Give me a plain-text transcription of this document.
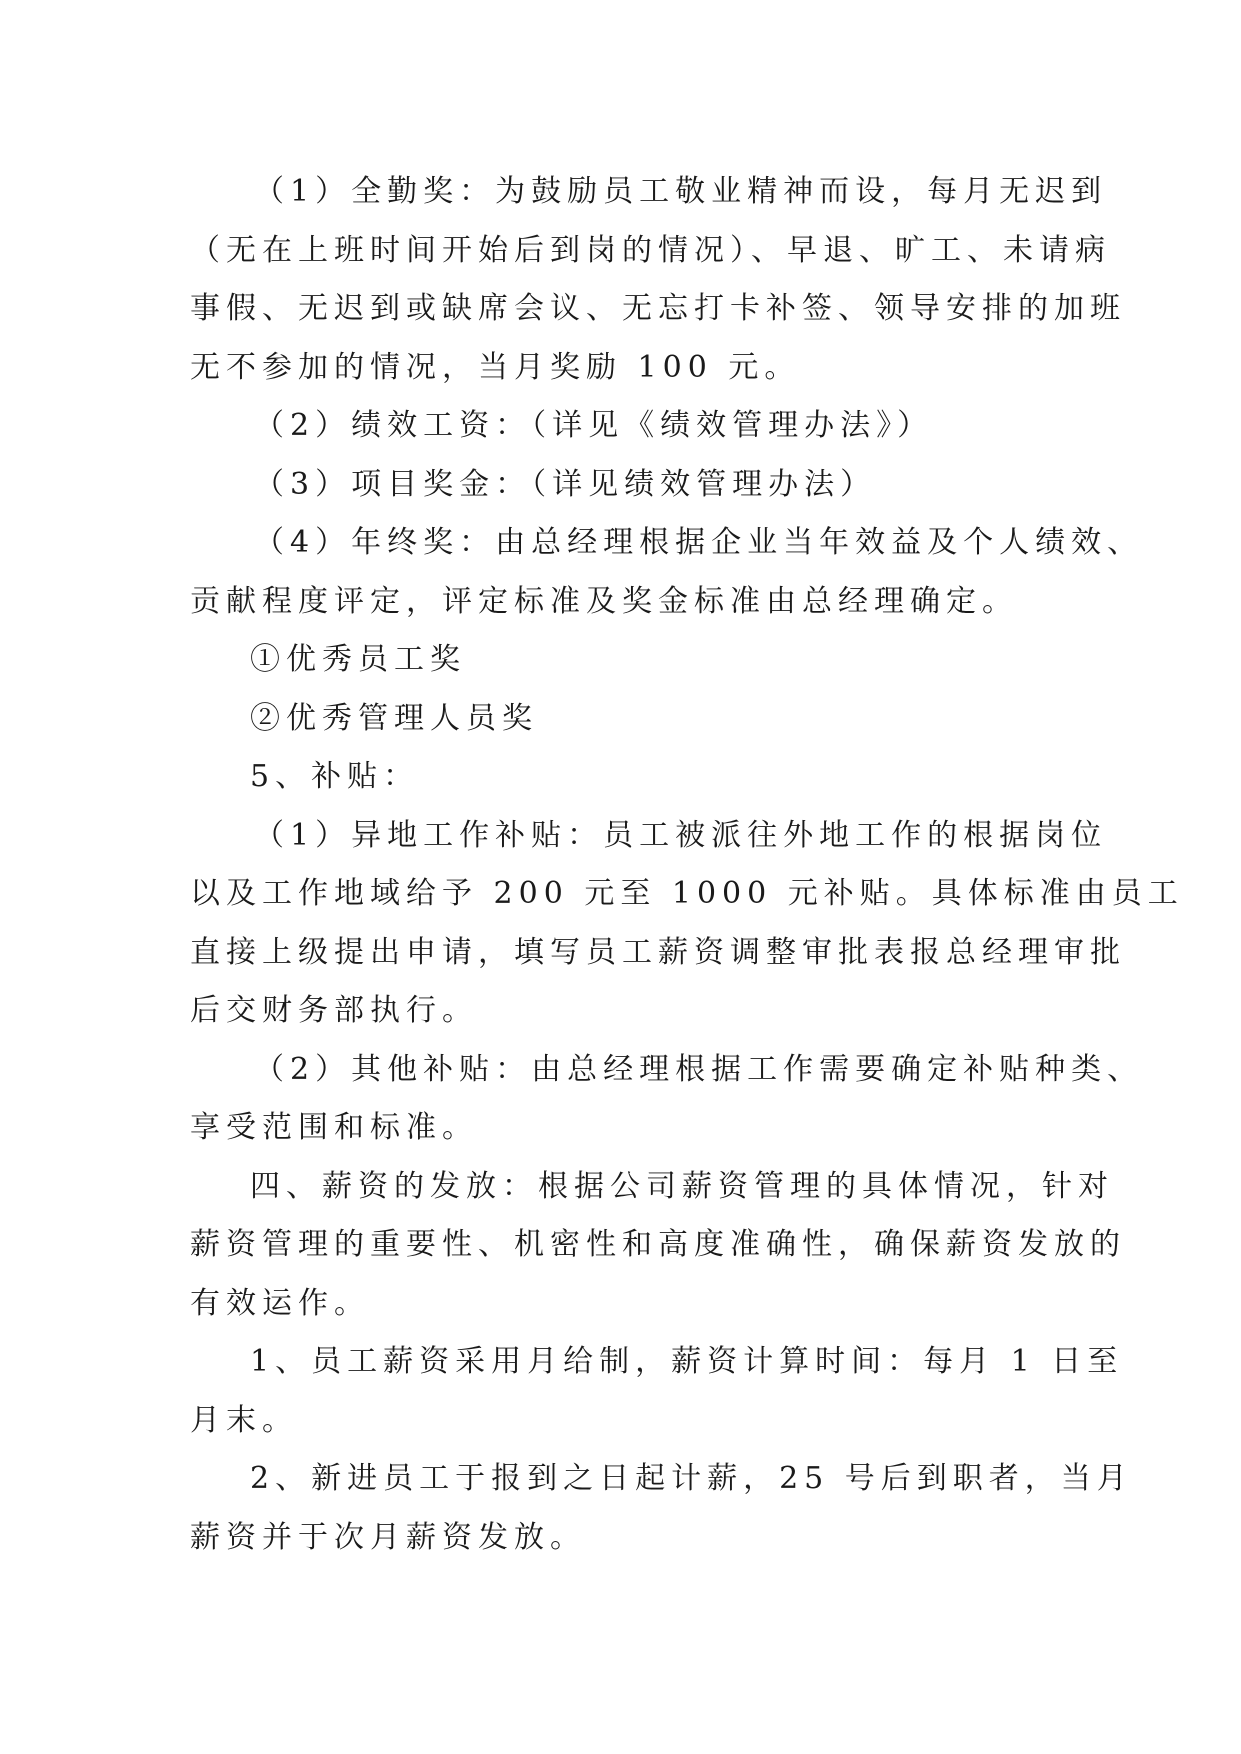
（1）全勤奖：为鼓励员工敬业精神而设，每月无迟到
（无在上班时间开始后到岗的情况）、早退、旷工、未请病
事假、无迟到或缺席会议、无忘打卡补签、领导安排的加班
无不参加的情况，当月奖励 100 元。
（2）绩效工资：（详见《绩效管理办法》）
（3）项目奖金：（详见绩效管理办法）
（4）年终奖：由总经理根据企业当年效益及个人绩效、
贡献程度评定，评定标准及奖金标准由总经理确定。
①优秀员工奖
②优秀管理人员奖
5、补贴：
（1）异地工作补贴：员工被派往外地工作的根据岗位
以及工作地域给予 200 元至 1000 元补贴。具体标准由员工
直接上级提出申请，填写员工薪资调整审批表报总经理审批
后交财务部执行。
（2）其他补贴：由总经理根据工作需要确定补贴种类、
享受范围和标准。
四、薪资的发放：根据公司薪资管理的具体情况，针对
薪资管理的重要性、机密性和高度准确性，确保薪资发放的
有效运作。
1、员工薪资采用月给制，薪资计算时间：每月 1 日至
月末。
2、新进员工于报到之日起计薪，25 号后到职者，当月
薪资并于次月薪资发放。
